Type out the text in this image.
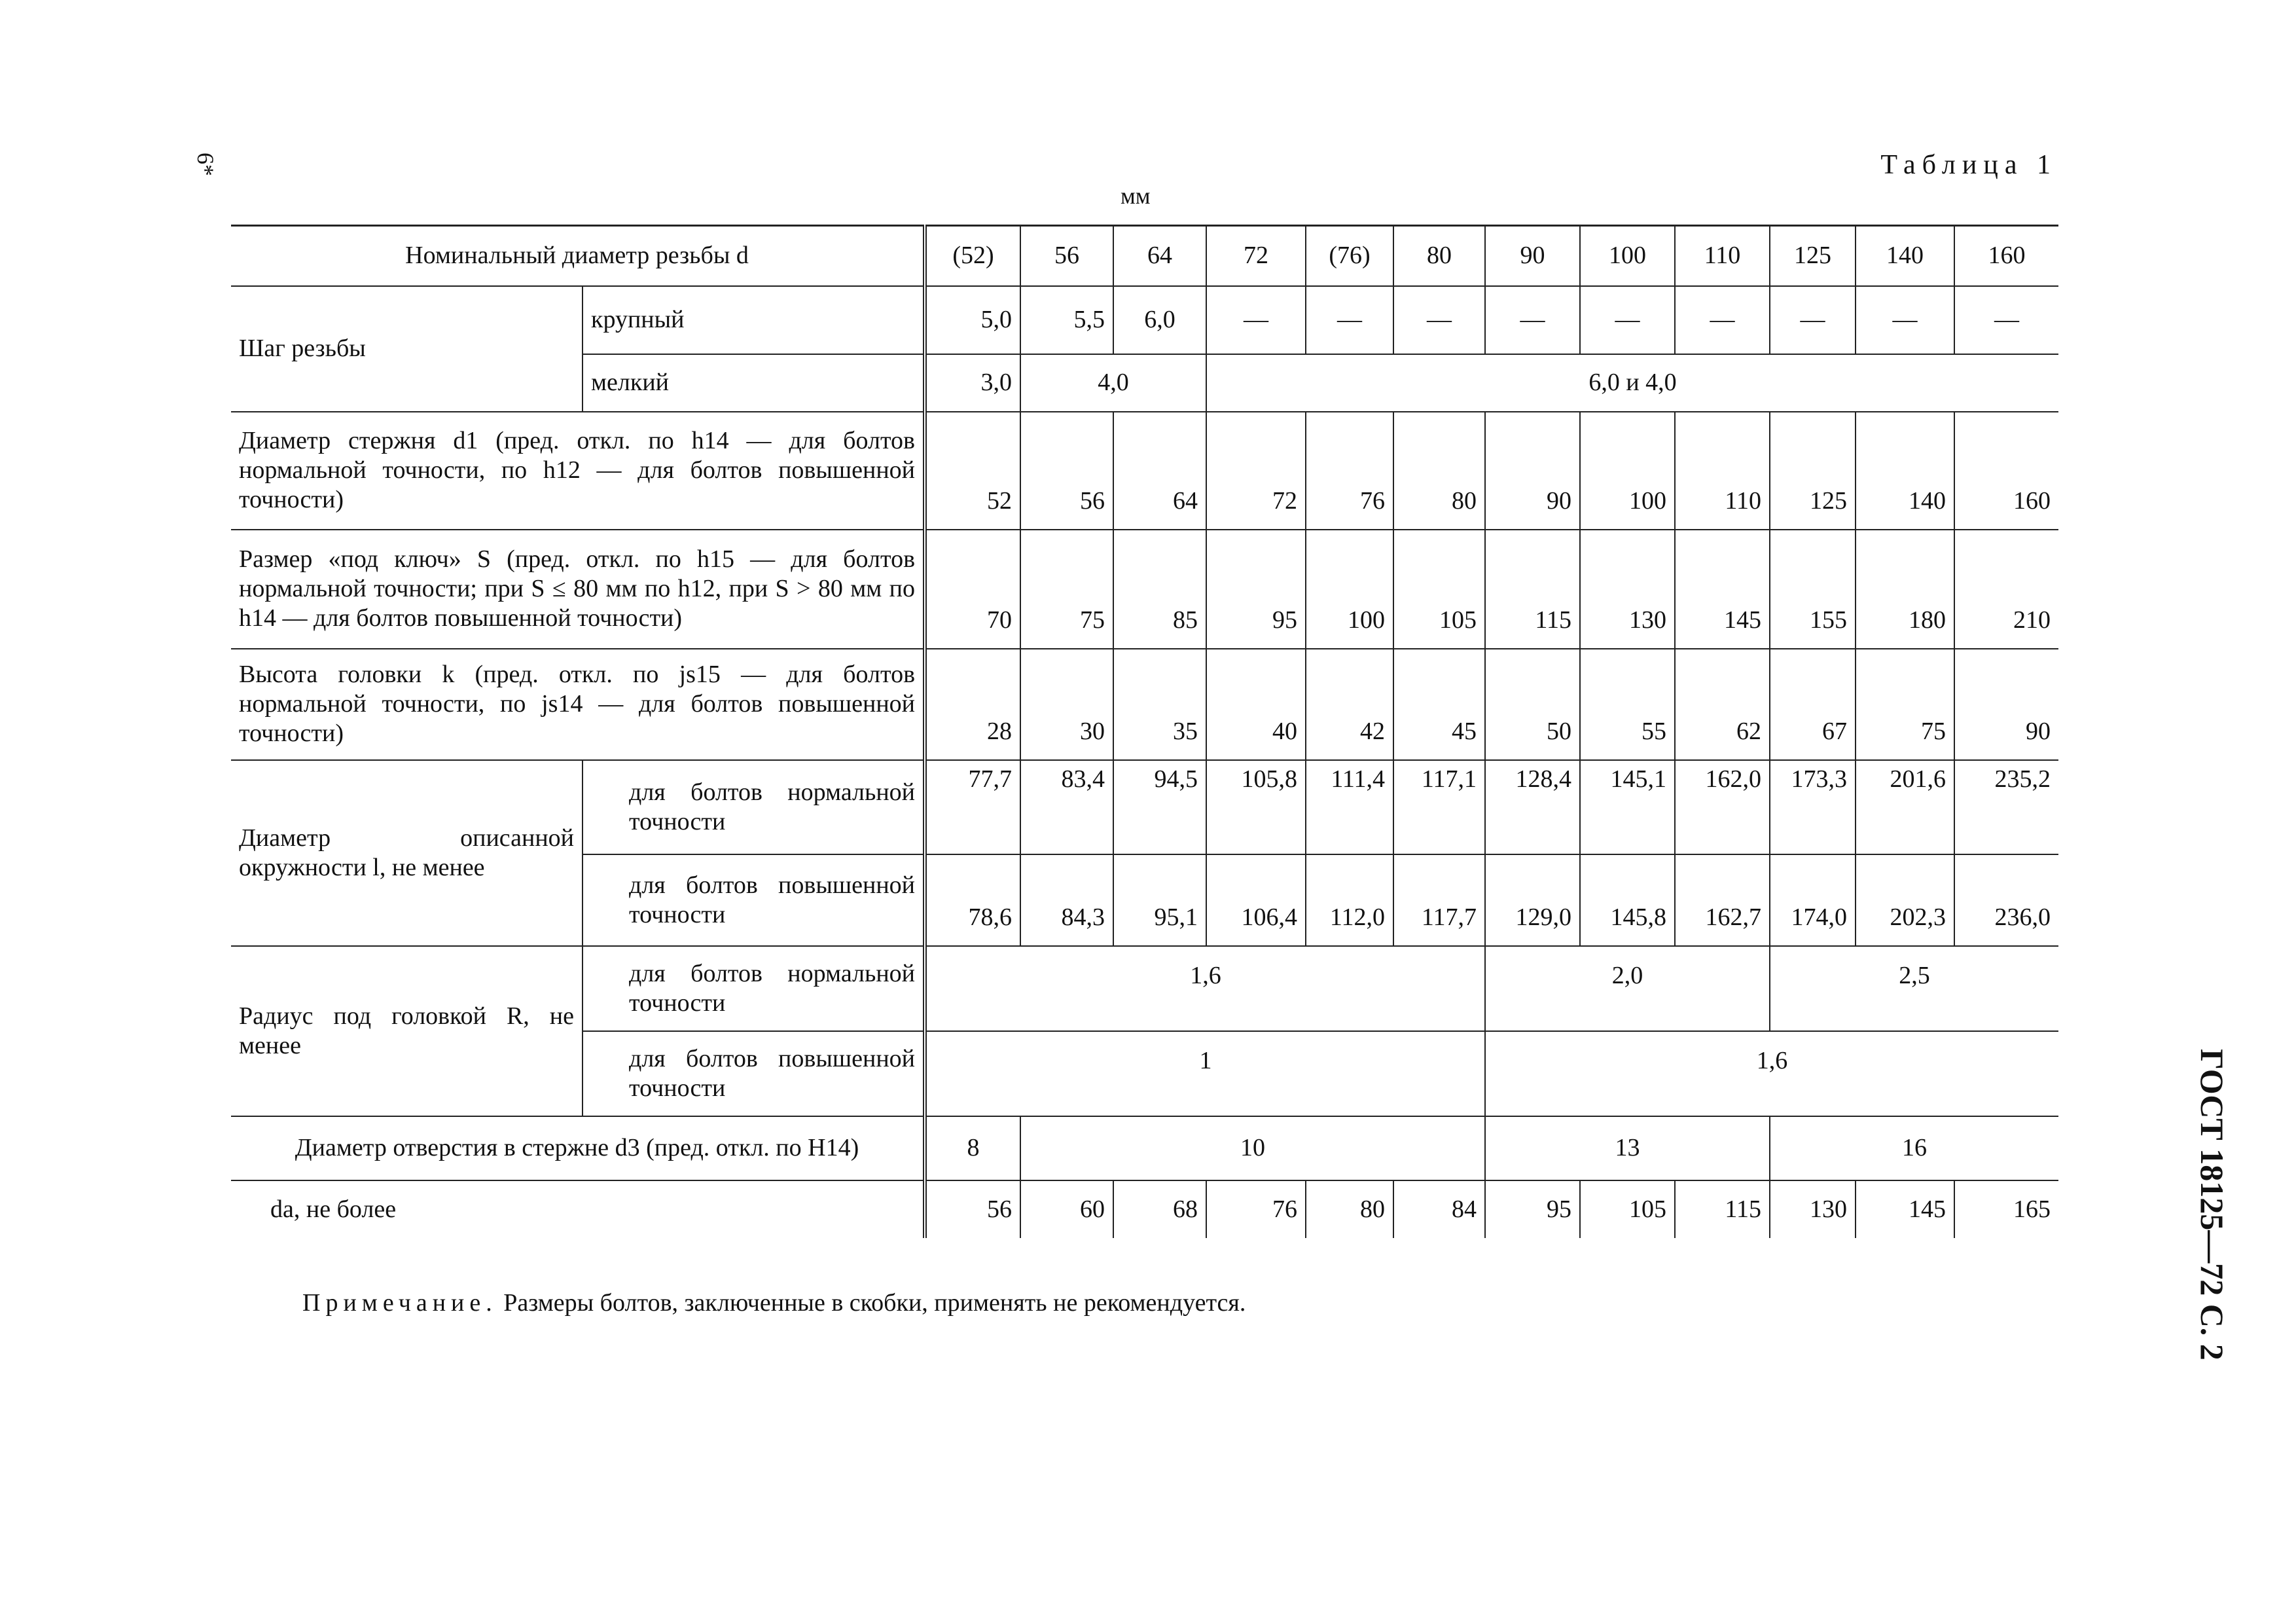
6*	Таблица 1
мм
ГОСТ 18125—72 С. 2
Номинальный диаметр резьбы d		(52)	56	64	72	(76)	80	90	100	110	125	140	160
Шаг резьбы	крупный	5,0	5,5	6,0	—	—	—	—	—	—	—	—	—
	мелкий	3,0	4,0		6,0 и 4,0								
Диаметр стержня d1 (пред. откл. по h14 — для болтов нормальной точности, по h12 — для болтов повышенной точности)		52	56	64	72	76	80	90	100	110	125	140	160
Размер «под ключ» S (пред. откл. по h15 — для болтов нормальной точности; при S ≤ 80 мм по h12, при S > 80 мм по h14 — для болтов повышенной точности)		70	75	85	95	100	105	115	130	145	155	180	210
Высота головки k (пред. откл. по js15 — для болтов нормальной точности, по js14 — для болтов повышенной точности)		28	30	35	40	42	45	50	55	62	67	75	90
Диаметр описанной окружности l, не менее	для болтов нормальной точности	77,7	83,4	94,5	105,8	111,4	117,1	128,4	145,1	162,0	173,3	201,6	235,2
	для болтов повышенной точности	78,6	84,3	95,1	106,4	112,0	117,7	129,0	145,8	162,7	174,0	202,3	236,0
Радиус под головкой R, не менее	для болтов нормальной точности	1,6						2,0			2,5		
	для болтов повышенной точности	1						1,6					
Диаметр отверстия в стержне d3 (пред. откл. по H14)		8	10					13			16		
da, не более		56	60	68	76	80	84	95	105	115	130	145	165
Примечание. Размеры болтов, заключенные в скобки, применять не рекомендуется.
